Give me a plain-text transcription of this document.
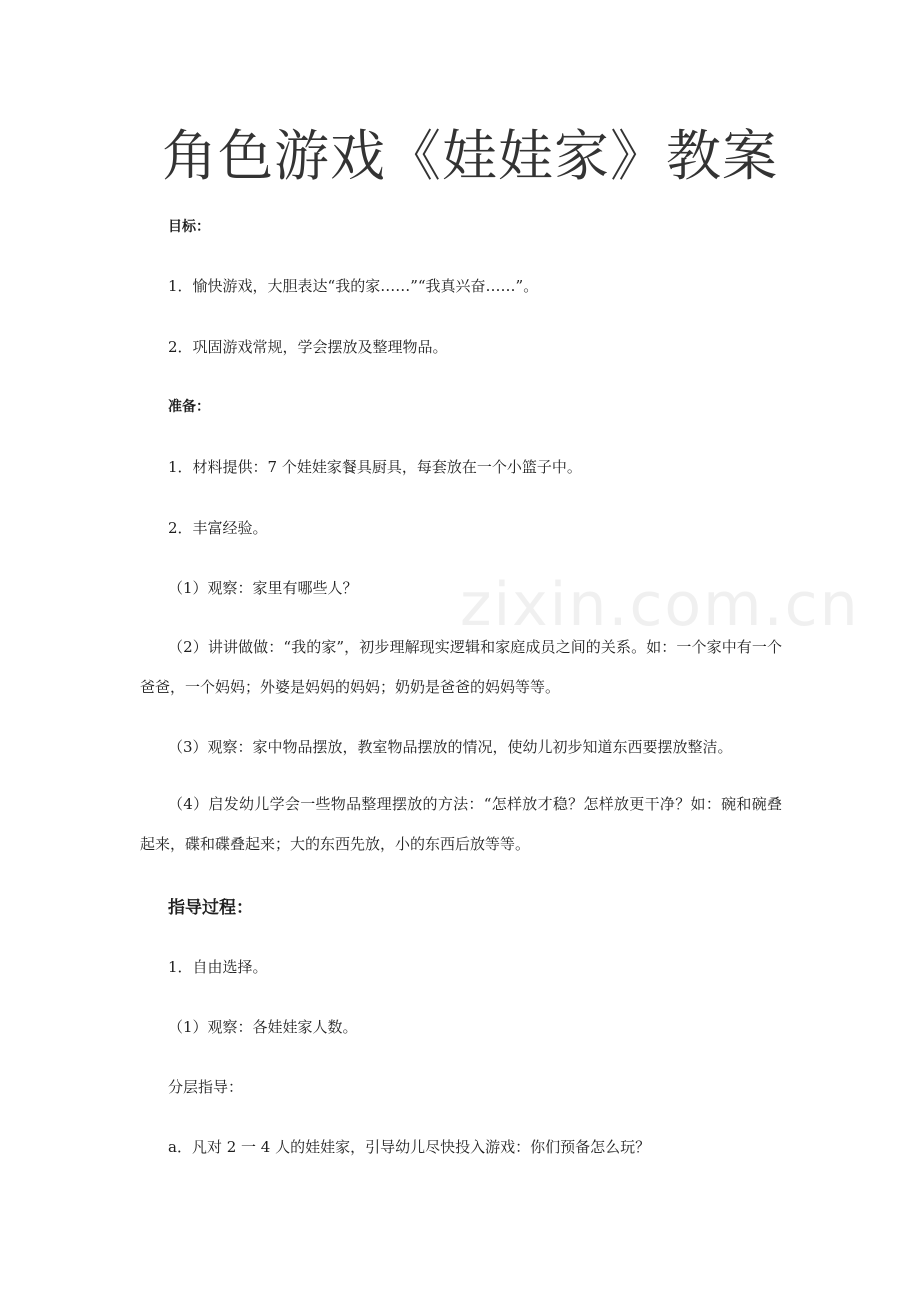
zixin.com.cn
角色游戏《娃娃家》教案
目标：
1．愉快游戏，大胆表达“我的家……”“我真兴奋……”。
2．巩固游戏常规，学会摆放及整理物品。
准备：
1．材料提供：7 个娃娃家餐具厨具，每套放在一个小篮子中。
2．丰富经验。
（1）观察：家里有哪些人？
（2）讲讲做做：“我的家”，初步理解现实逻辑和家庭成员之间的关系。如：一个家中有一个爸爸，一个妈妈；外婆是妈妈的妈妈；奶奶是爸爸的妈妈等等。
（3）观察：家中物品摆放，教室物品摆放的情况，使幼儿初步知道东西要摆放整洁。
（4）启发幼儿学会一些物品整理摆放的方法：“怎样放才稳？怎样放更干净？如：碗和碗叠起来，碟和碟叠起来；大的东西先放，小的东西后放等等。
指导过程：
1．自由选择。
（1）观察：各娃娃家人数。
分层指导：
a．凡对 2 一 4 人的娃娃家，引导幼儿尽快投入游戏：你们预备怎么玩？
